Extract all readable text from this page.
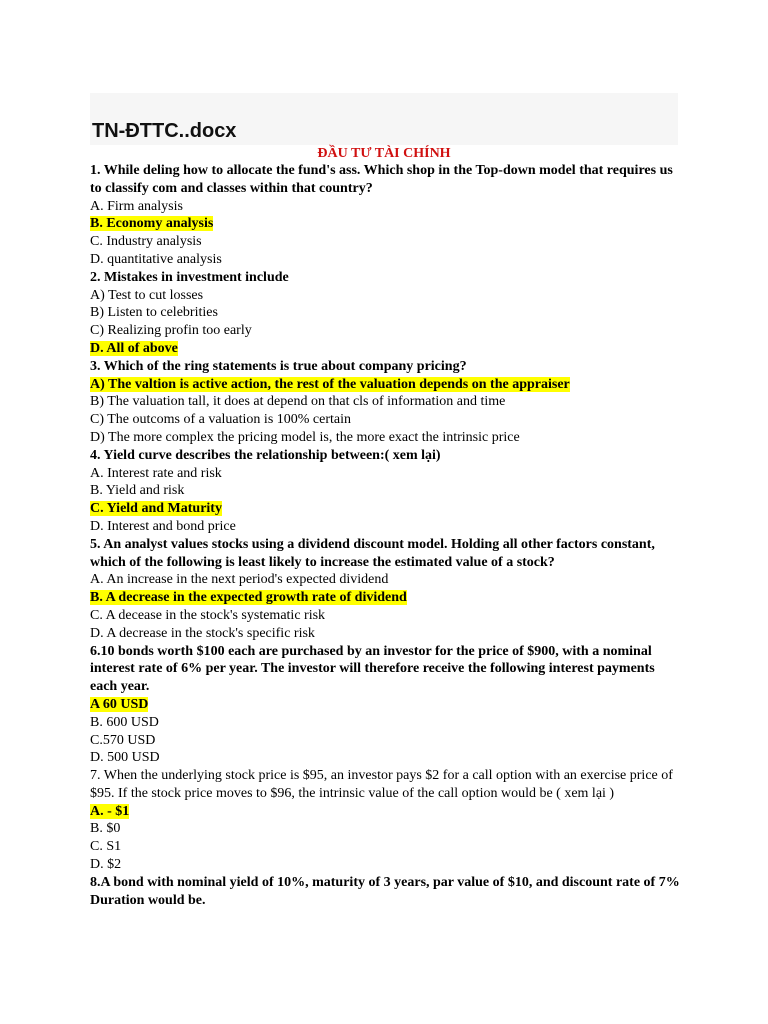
TN-ĐTTC..docx
ĐẦU TƯ TÀI CHÍNH
1. While deling how to allocate the fund's ass. Which shop in the Top-down model that requires us to classify com and classes within that country?
A. Firm analysis
B. Economy analysis
C. Industry analysis
D. quantitative analysis
2. Mistakes in investment include
A) Test to cut losses
B) Listen to celebrities
C) Realizing profin too early
D. All of above
3. Which of the ring statements is true about company pricing?
A) The valtion is active action, the rest of the valuation depends on the appraiser
B) The valuation tall, it does at depend on that cls of information and time
C) The outcoms of a valuation is 100% certain
D) The more complex the pricing model is, the more exact the intrinsic price
4. Yield curve describes the relationship between:( xem lại)
A. Interest rate and risk
B. Yield and risk
C. Yield and Maturity
D. Interest and bond price
5. An analyst values stocks using a dividend discount model. Holding all other factors constant, which of the following is least likely to increase the estimated value of a stock?
A. An increase in the next period's expected dividend
B. A decrease in the expected growth rate of dividend
C. A decease in the stock's systematic risk
D. A decrease in the stock's specific risk
6.10 bonds worth $100 each are purchased by an investor for the price of $900, with a nominal interest rate of 6% per year. The investor will therefore receive the following interest payments each year.
A 60 USD
B. 600 USD
C.570 USD
D. 500 USD
7. When the underlying stock price is $95, an investor pays $2 for a call option with an exercise price of $95. If the stock price moves to $96, the intrinsic value of the call option would be ( xem lại )
A. - $1
B. $0
C. S1
D. $2
8.A bond with nominal yield of 10%, maturity of 3 years, par value of $10, and discount rate of 7% Duration would be.
